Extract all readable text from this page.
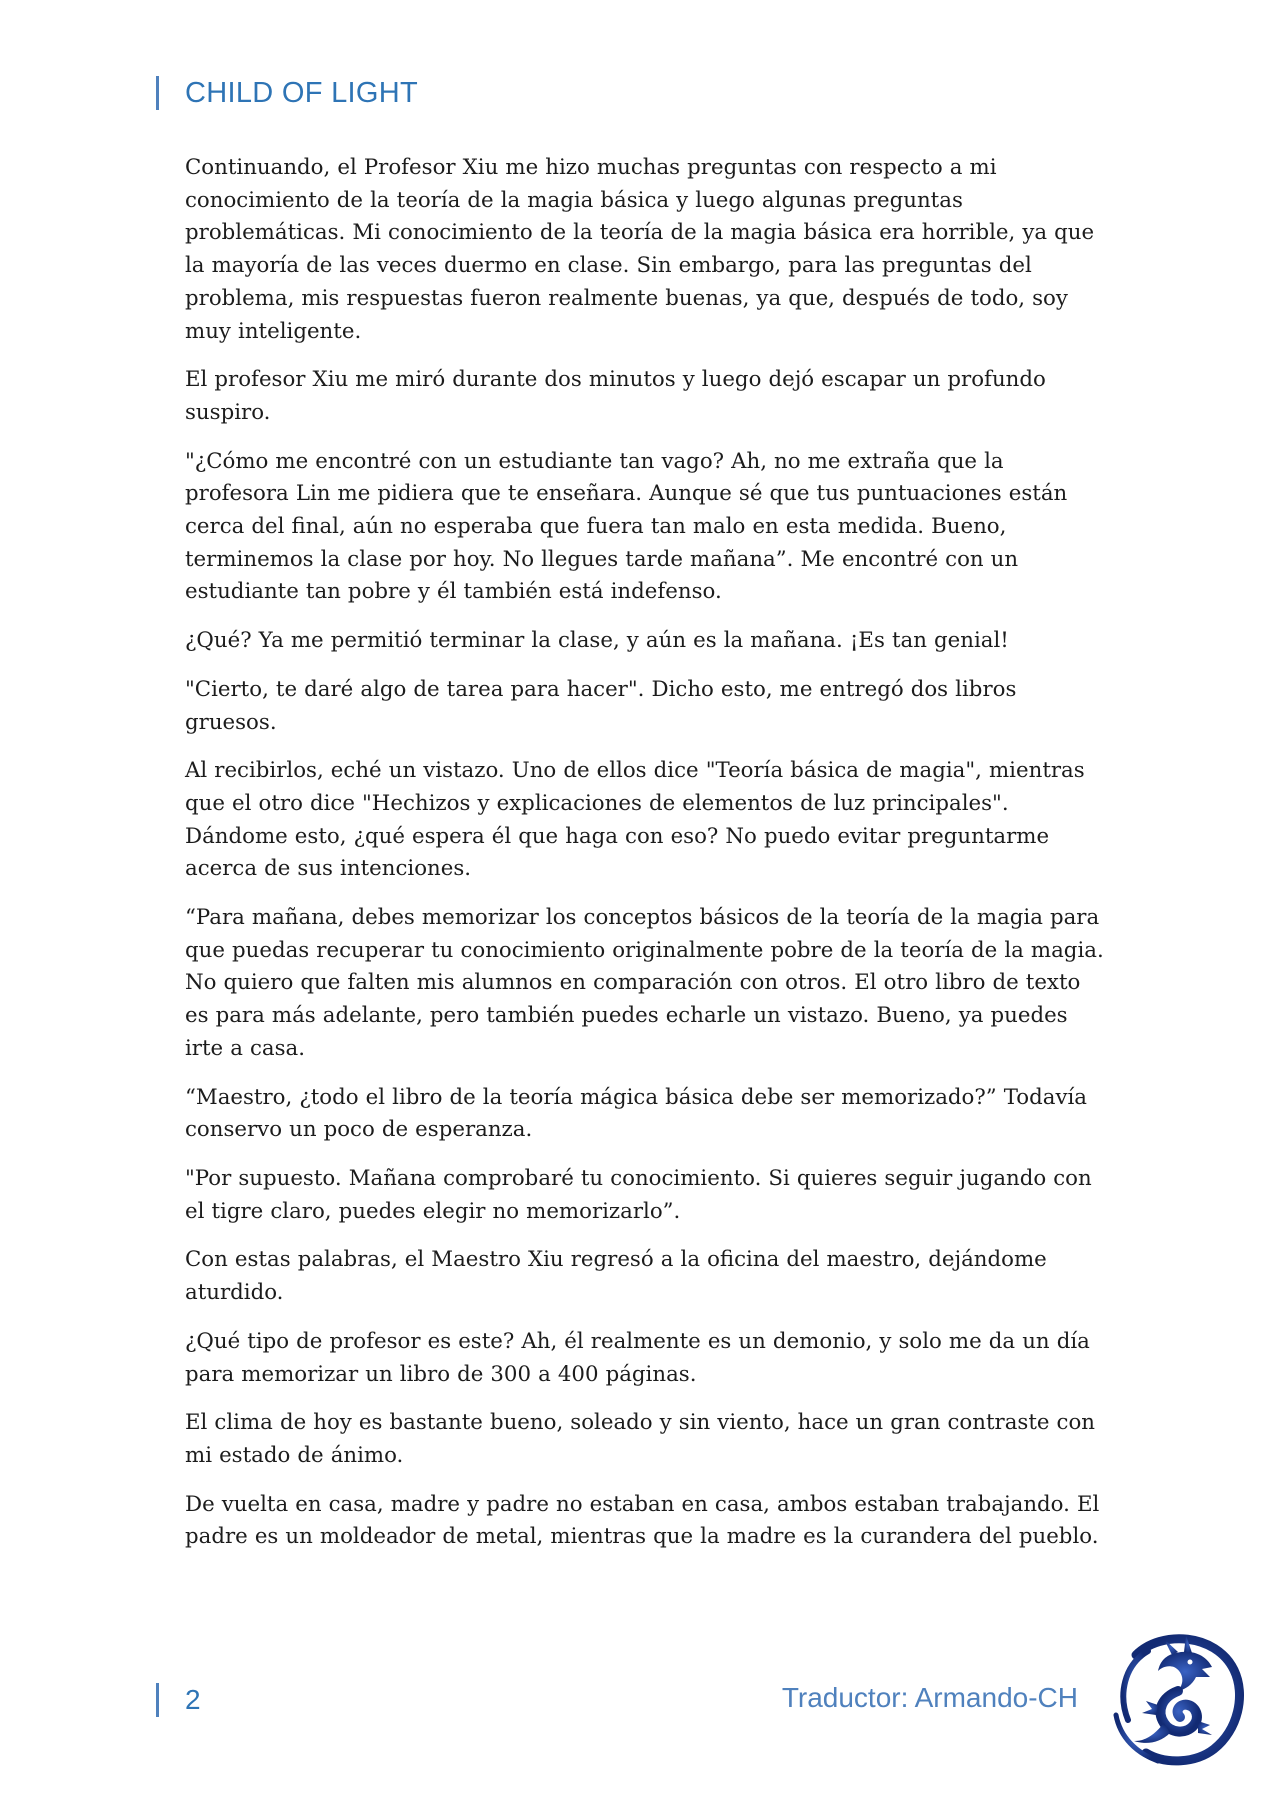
CHILD OF LIGHT

Continuando, el Profesor Xiu me hizo muchas preguntas con respecto a mi conocimiento de la teoría de la magia básica y luego algunas preguntas problemáticas. Mi conocimiento de la teoría de la magia básica era horrible, ya que la mayoría de las veces duermo en clase. Sin embargo, para las preguntas del problema, mis respuestas fueron realmente buenas, ya que, después de todo, soy muy inteligente.

El profesor Xiu me miró durante dos minutos y luego dejó escapar un profundo suspiro.

"¿Cómo me encontré con un estudiante tan vago? Ah, no me extraña que la profesora Lin me pidiera que te enseñara. Aunque sé que tus puntuaciones están cerca del final, aún no esperaba que fuera tan malo en esta medida. Bueno, terminemos la clase por hoy. No llegues tarde mañana”. Me encontré con un estudiante tan pobre y él también está indefenso.

¿Qué? Ya me permitió terminar la clase, y aún es la mañana. ¡Es tan genial!

"Cierto, te daré algo de tarea para hacer". Dicho esto, me entregó dos libros gruesos.

Al recibirlos, eché un vistazo. Uno de ellos dice "Teoría básica de magia", mientras que el otro dice "Hechizos y explicaciones de elementos de luz principales". Dándome esto, ¿qué espera él que haga con eso? No puedo evitar preguntarme acerca de sus intenciones.

“Para mañana, debes memorizar los conceptos básicos de la teoría de la magia para que puedas recuperar tu conocimiento originalmente pobre de la teoría de la magia. No quiero que falten mis alumnos en comparación con otros. El otro libro de texto es para más adelante, pero también puedes echarle un vistazo. Bueno, ya puedes irte a casa.

“Maestro, ¿todo el libro de la teoría mágica básica debe ser memorizado?” Todavía conservo un poco de esperanza.

"Por supuesto. Mañana comprobaré tu conocimiento. Si quieres seguir jugando con el tigre claro, puedes elegir no memorizarlo”.

Con estas palabras, el Maestro Xiu regresó a la oficina del maestro, dejándome aturdido.

¿Qué tipo de profesor es este? Ah, él realmente es un demonio, y solo me da un día para memorizar un libro de 300 a 400 páginas.

El clima de hoy es bastante bueno, soleado y sin viento, hace un gran contraste con mi estado de ánimo.

De vuelta en casa, madre y padre no estaban en casa, ambos estaban trabajando. El padre es un moldeador de metal, mientras que la madre es la curandera del pueblo.

2	Traductor: Armando-CH
